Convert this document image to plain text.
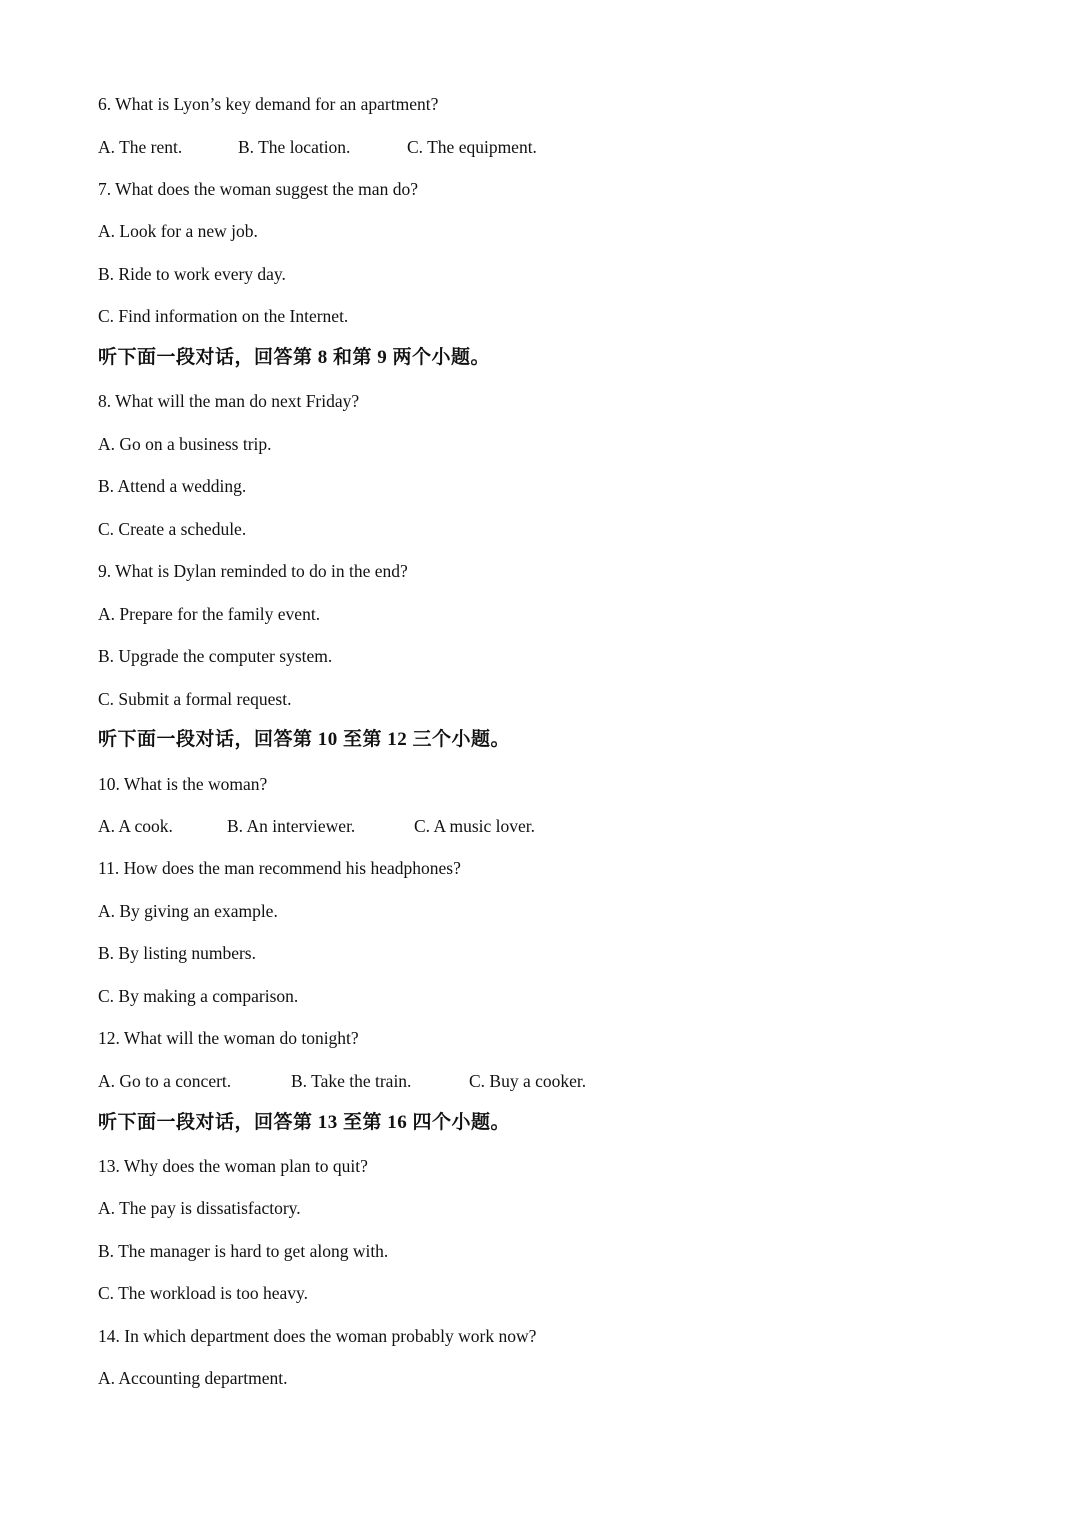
6. What is Lyon’s key demand for an apartment?
A. The rent.	B. The location.	C. The equipment.
7. What does the woman suggest the man do?
A. Look for a new job.
B. Ride to work every day.
C. Find information on the Internet.
听下面一段对话，回答第 8 和第 9 两个小题。
8. What will the man do next Friday?
A. Go on a business trip.
B. Attend a wedding.
C. Create a schedule.
9. What is Dylan reminded to do in the end?
A. Prepare for the family event.
B. Upgrade the computer system.
C. Submit a formal request.
听下面一段对话，回答第 10 至第 12 三个小题。
10. What is the woman?
A. A cook.	B. An interviewer.	C. A music lover.
11. How does the man recommend his headphones?
A. By giving an example.
B. By listing numbers.
C. By making a comparison.
12. What will the woman do tonight?
A. Go to a concert.	B. Take the train.	C. Buy a cooker.
听下面一段对话，回答第 13 至第 16 四个小题。
13. Why does the woman plan to quit?
A. The pay is dissatisfactory.
B. The manager is hard to get along with.
C. The workload is too heavy.
14. In which department does the woman probably work now?
A. Accounting department.
